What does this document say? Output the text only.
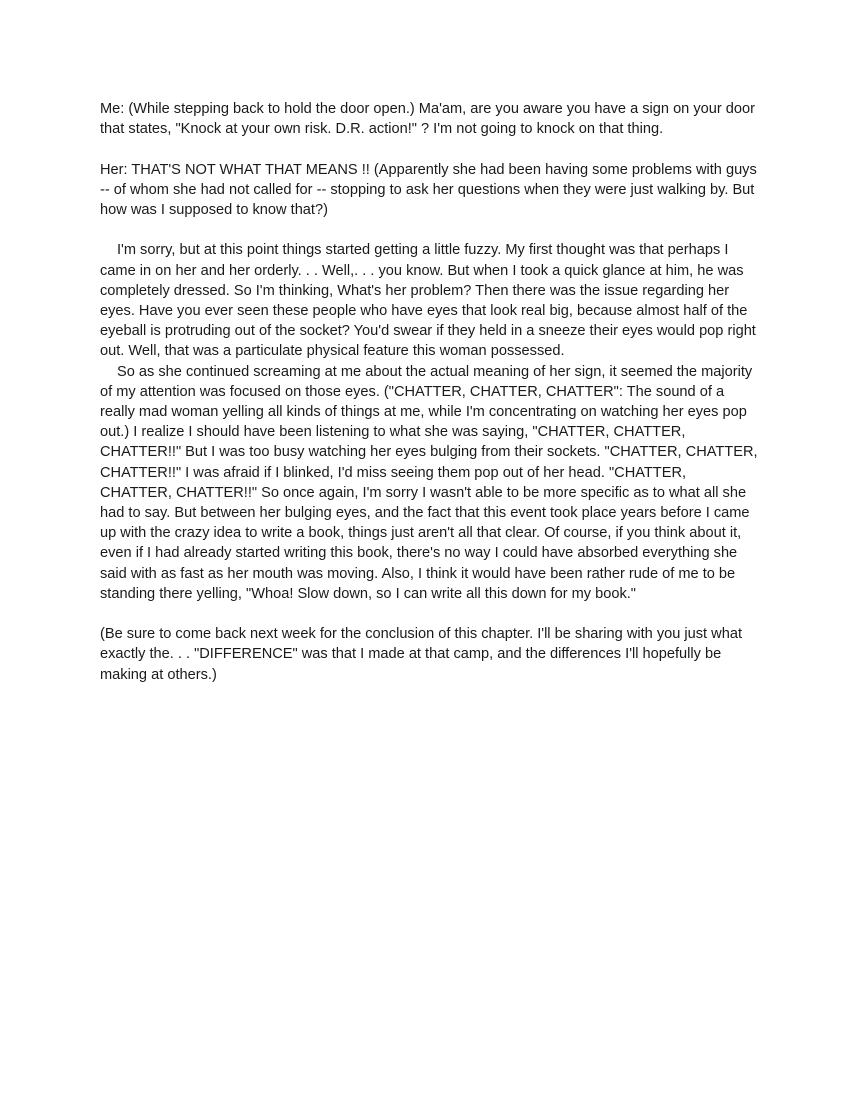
Me: (While stepping back to hold the door open.) Ma'am, are you aware you have a sign on your door that states, "Knock at your own risk. D.R. action!" ? I'm not going to knock on that thing.

Her: THAT'S NOT WHAT THAT MEANS !! (Apparently she had been having some problems with guys -- of whom she had not called for -- stopping to ask her questions when they were just walking by. But how was I supposed to know that?)

I'm sorry, but at this point things started getting a little fuzzy. My first thought was that perhaps I came in on her and her orderly. . . Well,. . . you know. But when I took a quick glance at him, he was completely dressed. So I'm thinking, What's her problem? Then there was the issue regarding her eyes. Have you ever seen these people who have eyes that look real big, because almost half of the eyeball is protruding out of the socket? You'd swear if they held in a sneeze their eyes would pop right out. Well, that was a particulate physical feature this woman possessed.

So as she continued screaming at me about the actual meaning of her sign, it seemed the majority of my attention was focused on those eyes. ("CHATTER, CHATTER, CHATTER": The sound of a really mad woman yelling all kinds of things at me, while I'm concentrating on watching her eyes pop out.) I realize I should have been listening to what she was saying, "CHATTER, CHATTER, CHATTER!!" But I was too busy watching her eyes bulging from their sockets. "CHATTER, CHATTER, CHATTER!!" I was afraid if I blinked, I'd miss seeing them pop out of her head. "CHATTER, CHATTER, CHATTER!!" So once again, I'm sorry I wasn't able to be more specific as to what all she had to say. But between her bulging eyes, and the fact that this event took place years before I came up with the crazy idea to write a book, things just aren't all that clear. Of course, if you think about it, even if I had already started writing this book, there's no way I could have absorbed everything she said with as fast as her mouth was moving. Also, I think it would have been rather rude of me to be standing there yelling, "Whoa! Slow down, so I can write all this down for my book."

(Be sure to come back next week for the conclusion of this chapter. I'll be sharing with you just what exactly the. . . "DIFFERENCE" was that I made at that camp, and the differences I'll hopefully be making at others.)
